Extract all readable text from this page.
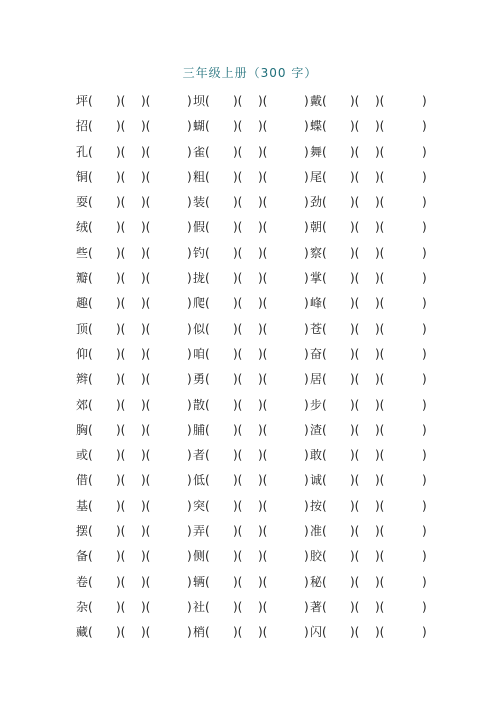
三年级上册（300 字）
坪 ( )( )(	) 坝 ( )( )(	) 戴 ( )( )(	)
招 ( )( )(	) 蝴 ( )( )(	) 蝶 ( )( )(	)
孔 ( )( )(	) 雀 ( )( )(	) 舞 ( )( )(	)
铜 ( )( )(	) 粗 ( )( )(	) 尾 ( )( )(	)
耍 ( )( )(	) 装 ( )( )(	) 劲 ( )( )(	)
绒 ( )( )(	) 假 ( )( )(	) 朝 ( )( )(	)
些 ( )( )(	) 钓 ( )( )(	) 察 ( )( )(	)
瓣 ( )( )(	) 拢 ( )( )(	) 掌 ( )( )(	)
趣 ( )( )(	) 爬 ( )( )(	) 峰 ( )( )(	)
顶 ( )( )(	) 似 ( )( )(	) 苍 ( )( )(	)
仰 ( )( )(	) 咱 ( )( )(	) 奋 ( )( )(	)
辫 ( )( )(	) 勇 ( )( )(	) 居 ( )( )(	)
郊 ( )( )(	) 散 ( )( )(	) 步 ( )( )(	)
胸 ( )( )(	) 脯 ( )( )(	) 渣 ( )( )(	)
或 ( )( )(	) 者 ( )( )(	) 敢 ( )( )(	)
借 ( )( )(	) 低 ( )( )(	) 诚 ( )( )(	)
基 ( )( )(	) 突 ( )( )(	) 按 ( )( )(	)
摆 ( )( )(	) 弄 ( )( )(	) 准 ( )( )(	)
备 ( )( )(	) 侧 ( )( )(	) 胶 ( )( )(	)
卷 ( )( )(	) 辆 ( )( )(	) 秘 ( )( )(	)
杂 ( )( )(	) 社 ( )( )(	) 著 ( )( )(	)
藏 ( )( )(	) 梢 ( )( )(	) 闪 ( )( )(	)
